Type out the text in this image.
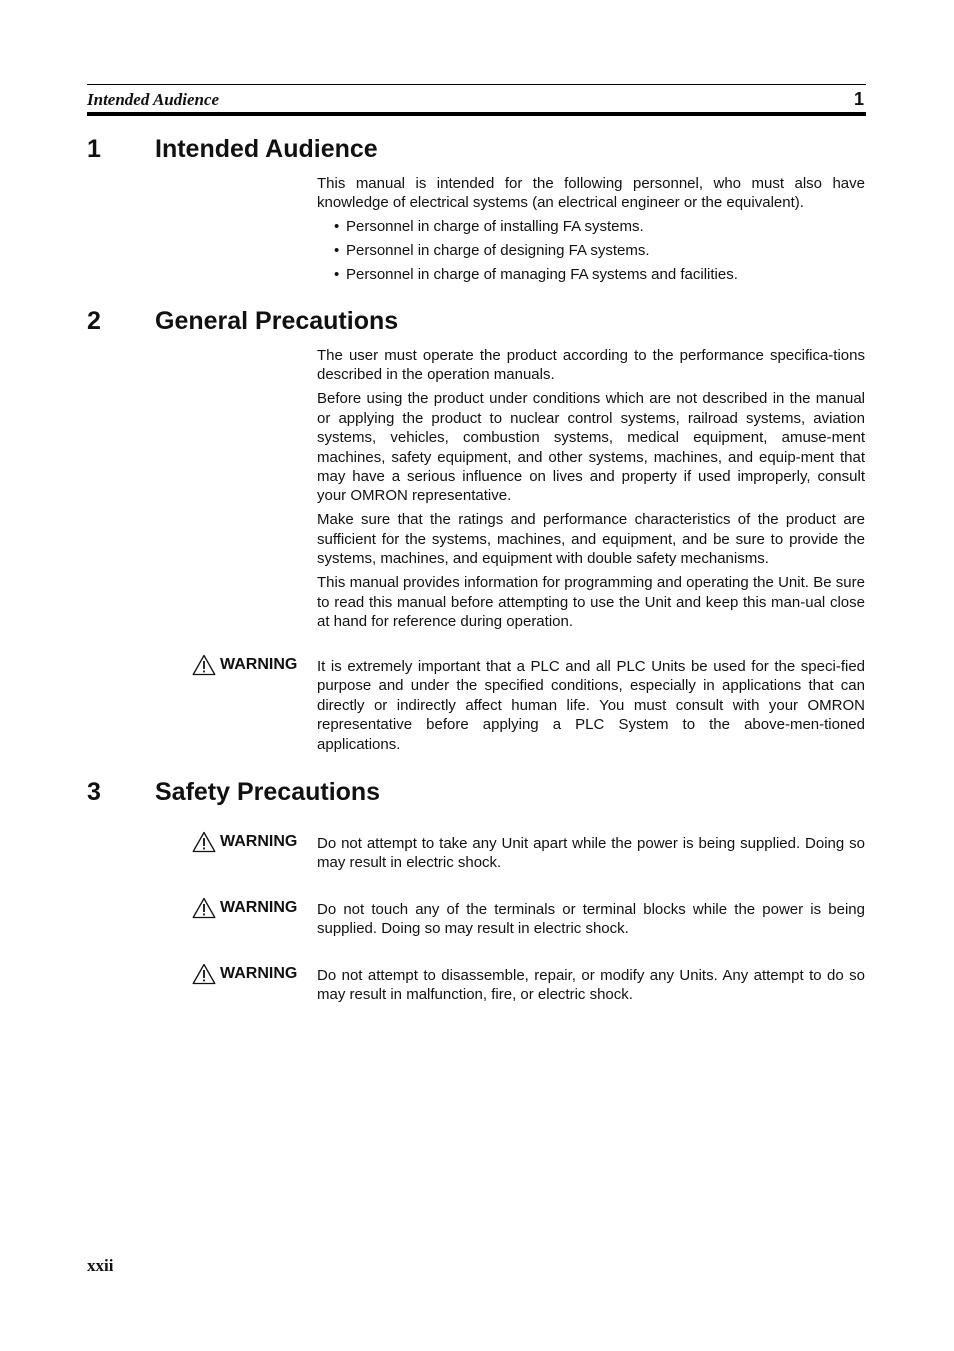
Intended Audience	1
1 Intended Audience

This manual is intended for the following personnel, who must also have knowledge of electrical systems (an electrical engineer or the equivalent).

• Personnel in charge of installing FA systems.
• Personnel in charge of designing FA systems.
• Personnel in charge of managing FA systems and facilities.
2 General Precautions

The user must operate the product according to the performance specifica-tions described in the operation manuals.

Before using the product under conditions which are not described in the manual or applying the product to nuclear control systems, railroad systems, aviation systems, vehicles, combustion systems, medical equipment, amuse-ment machines, safety equipment, and other systems, machines, and equip-ment that may have a serious influence on lives and property if used improperly, consult your OMRON representative.

Make sure that the ratings and performance characteristics of the product are sufficient for the systems, machines, and equipment, and be sure to provide the systems, machines, and equipment with double safety mechanisms.

This manual provides information for programming and operating the Unit. Be sure to read this manual before attempting to use the Unit and keep this man-ual close at hand for reference during operation.

WARNING It is extremely important that a PLC and all PLC Units be used for the speci-fied purpose and under the specified conditions, especially in applications that can directly or indirectly affect human life. You must consult with your OMRON representative before applying a PLC System to the above-men-tioned applications.

3 Safety Precautions
WARNING Do not attempt to take any Unit apart while the power is being supplied. Doing so may result in electric shock.

WARNING Do not touch any of the terminals or terminal blocks while the power is being supplied. Doing so may result in electric shock.

WARNING Do not attempt to disassemble, repair, or modify any Units. Any attempt to do so may result in malfunction, fire, or electric shock.

xxii
